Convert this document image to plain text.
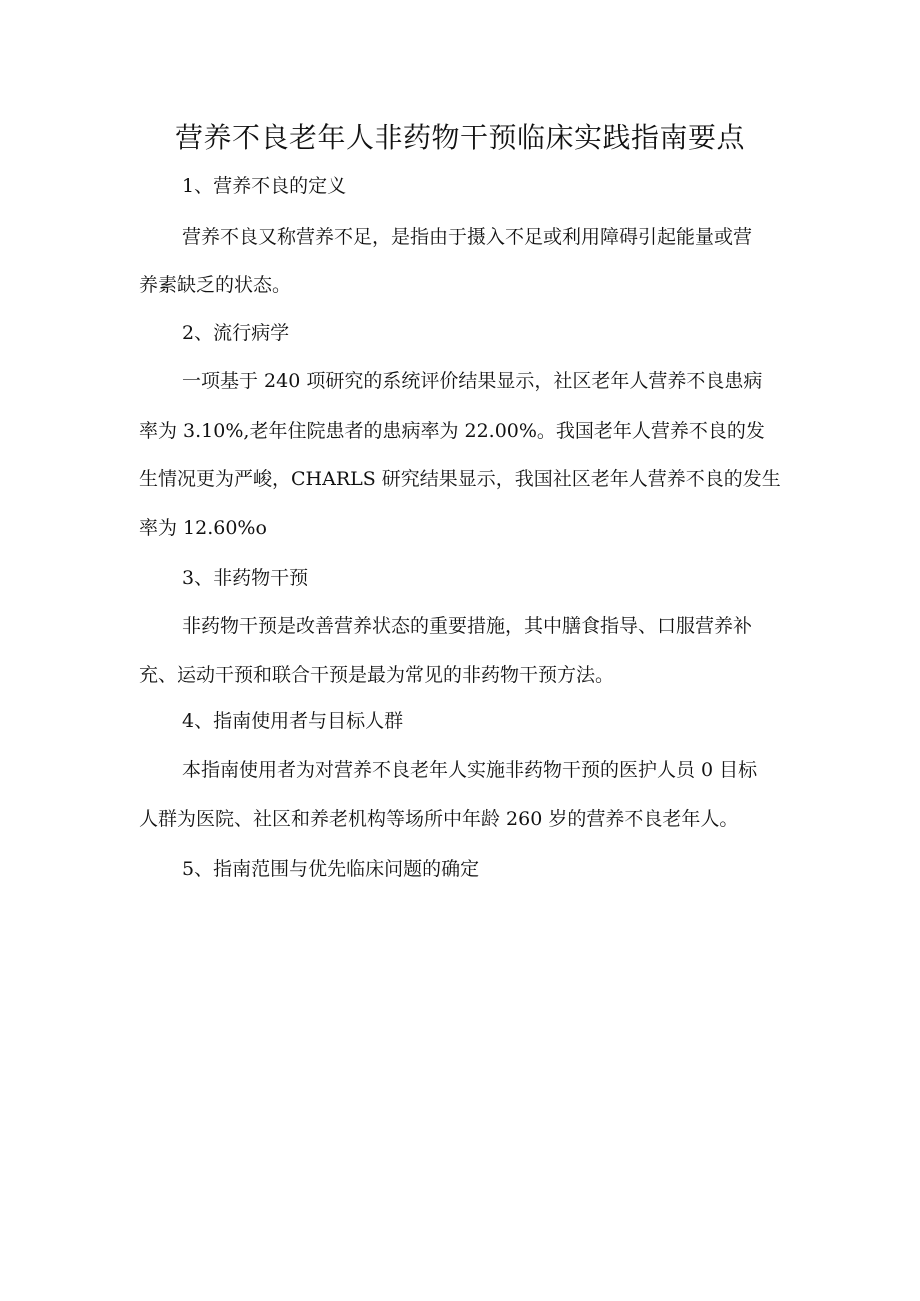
营养不良老年人非药物干预临床实践指南要点
1、营养不良的定义
营养不良又称营养不足，是指由于摄入不足或利用障碍引起能量或营
养素缺乏的状态。
2、流行病学
一项基于 240 项研究的系统评价结果显示，社区老年人营养不良患病
率为 3.10%,老年住院患者的患病率为 22.00%。我国老年人营养不良的发
生情况更为严峻，CHARLS 研究结果显示，我国社区老年人营养不良的发生
率为 12.60%o
3、非药物干预
非药物干预是改善营养状态的重要措施，其中膳食指导、口服营养补
充、运动干预和联合干预是最为常见的非药物干预方法。
4、指南使用者与目标人群
本指南使用者为对营养不良老年人实施非药物干预的医护人员 0 目标
人群为医院、社区和养老机构等场所中年龄 260 岁的营养不良老年人。
5、指南范围与优先临床问题的确定
